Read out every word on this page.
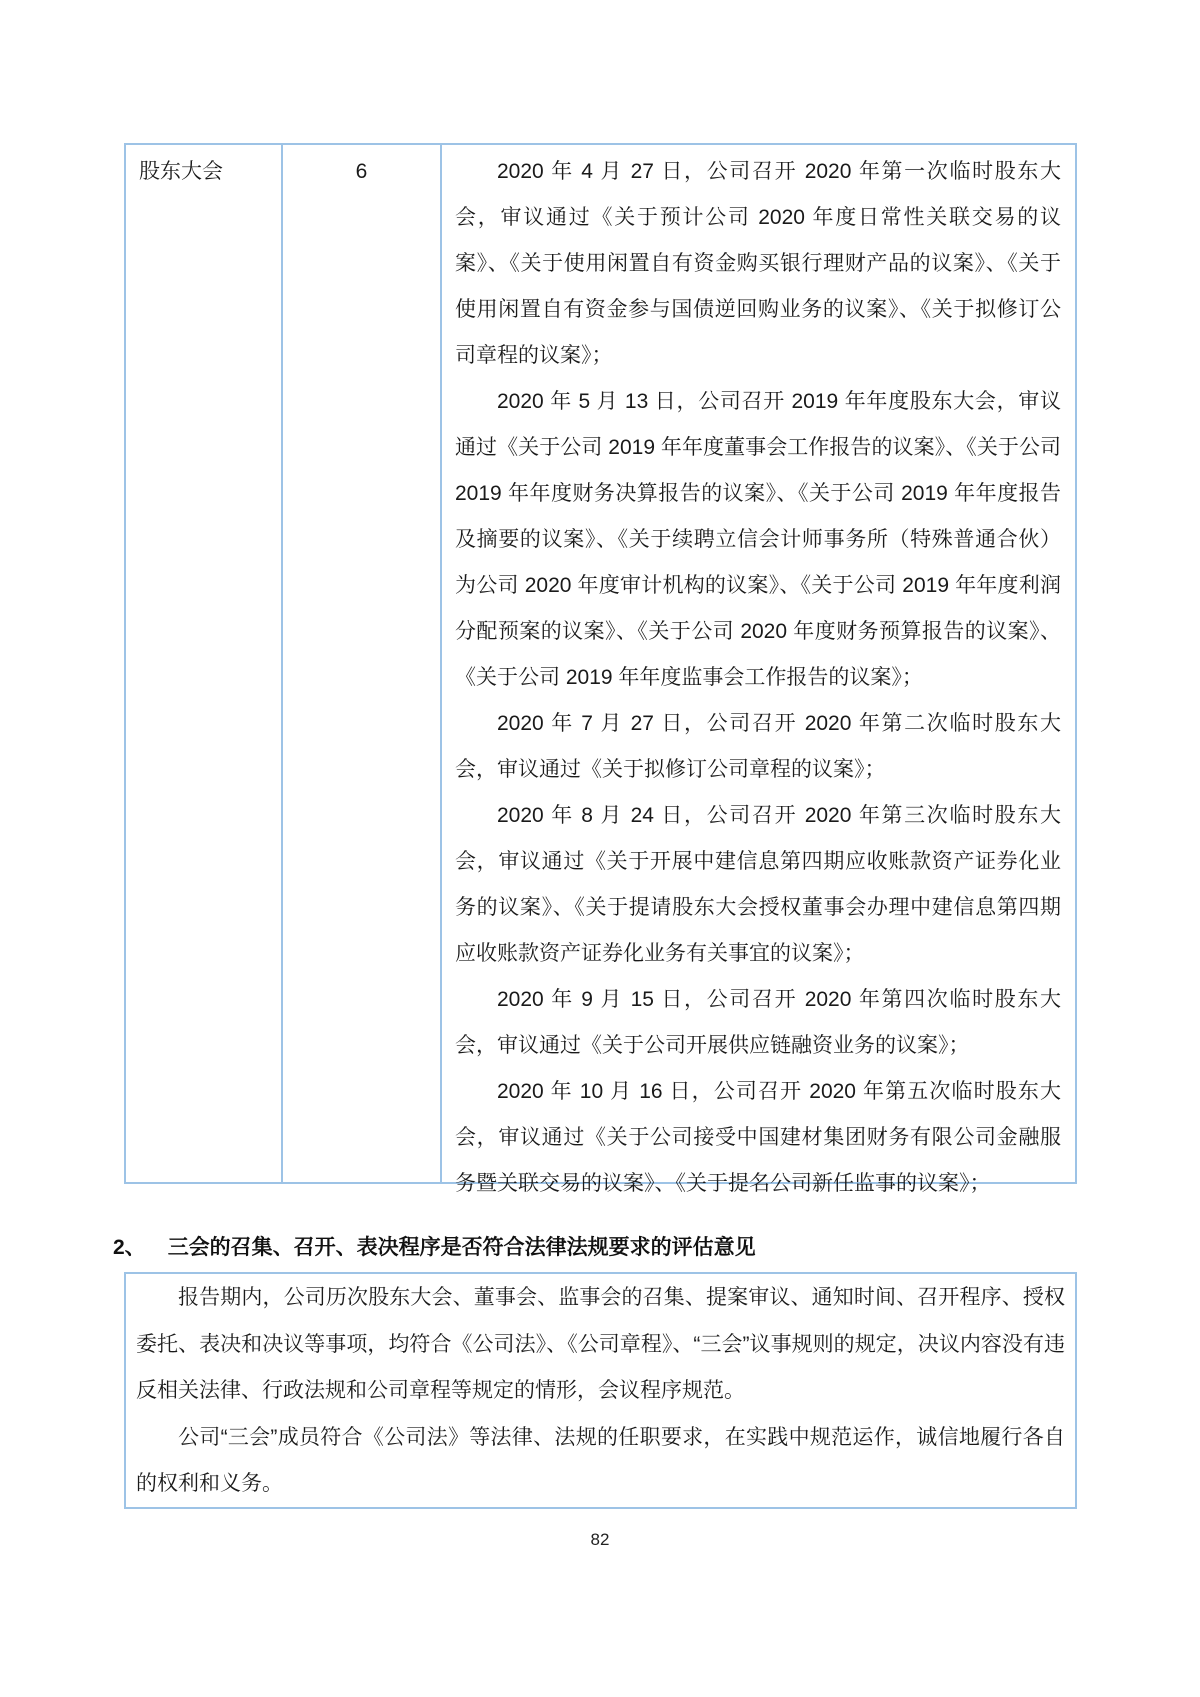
股东大会	6	2020 年 4 月 27 日，公司召开 2020 年第一次临时股东大会，审议通过《关于预计公司 2020 年度日常性关联交易的议案》、《关于使用闲置自有资金购买银行理财产品的议案》、《关于使用闲置自有资金参与国债逆回购业务的议案》、《关于拟修订公司章程的议案》；

2020 年 5 月 13 日，公司召开 2019 年年度股东大会，审议通过《关于公司 2019 年年度董事会工作报告的议案》、《关于公司 2019 年年度财务决算报告的议案》、《关于公司 2019 年年度报告及摘要的议案》、《关于续聘立信会计师事务所（特殊普通合伙）为公司 2020 年度审计机构的议案》、《关于公司 2019 年年度利润分配预案的议案》、《关于公司 2020 年度财务预算报告的议案》、《关于公司 2019 年年度监事会工作报告的议案》；

2020 年 7 月 27 日，公司召开 2020 年第二次临时股东大会，审议通过《关于拟修订公司章程的议案》；

2020 年 8 月 24 日，公司召开 2020 年第三次临时股东大会，审议通过《关于开展中建信息第四期应收账款资产证券化业务的议案》、《关于提请股东大会授权董事会办理中建信息第四期应收账款资产证券化业务有关事宜的议案》；

2020 年 9 月 15 日，公司召开 2020 年第四次临时股东大会，审议通过《关于公司开展供应链融资业务的议案》；

2020 年 10 月 16 日，公司召开 2020 年第五次临时股东大会，审议通过《关于公司接受中国建材集团财务有限公司金融服务暨关联交易的议案》、《关于提名公司新任监事的议案》；

2、 三会的召集、召开、表决程序是否符合法律法规要求的评估意见

报告期内，公司历次股东大会、董事会、监事会的召集、提案审议、通知时间、召开程序、授权委托、表决和决议等事项，均符合《公司法》、《公司章程》、“三会”议事规则的规定，决议内容没有违反相关法律、行政法规和公司章程等规定的情形，会议程序规范。

公司“三会”成员符合《公司法》等法律、法规的任职要求，在实践中规范运作，诚信地履行各自的权利和义务。

82
